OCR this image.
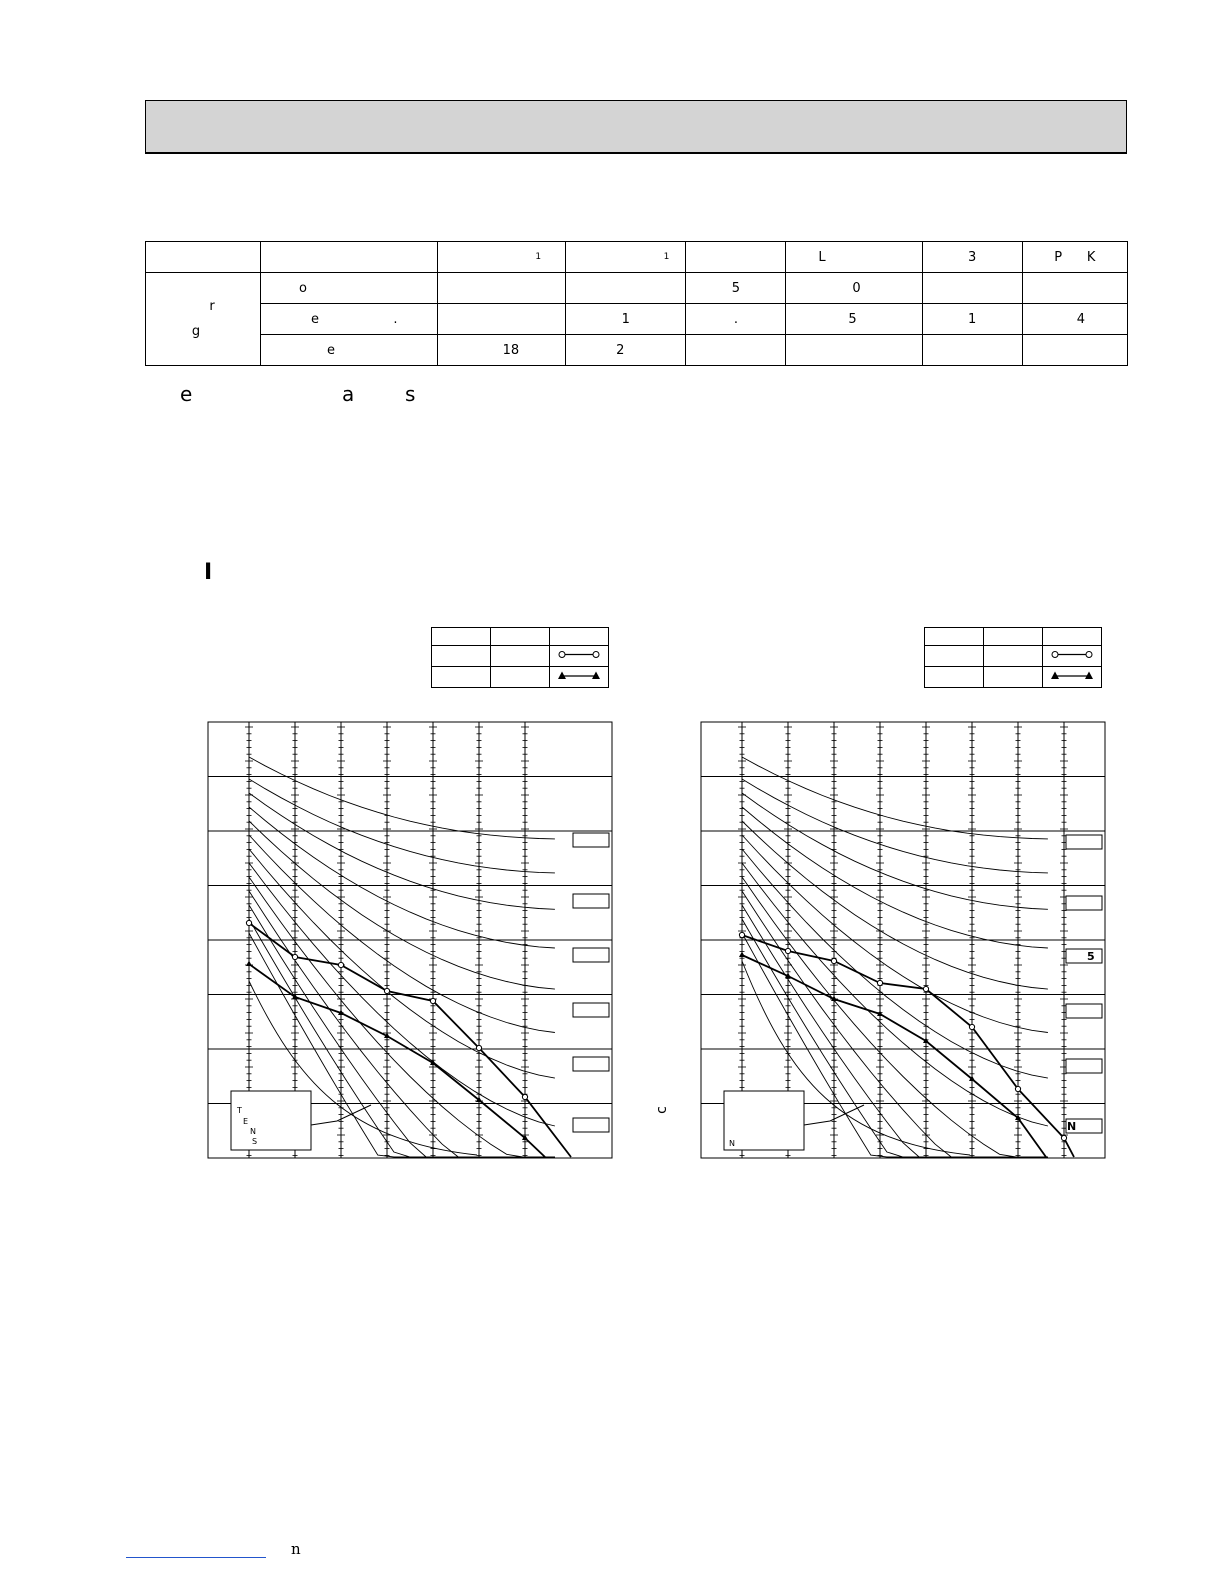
		1	1		L	3	P      K

r
g	o			5	0		
	e                  .		1	.	5	1	4
	e	18	2				
e	a	s
I

T
E
N
S
5
N
N
c
n
